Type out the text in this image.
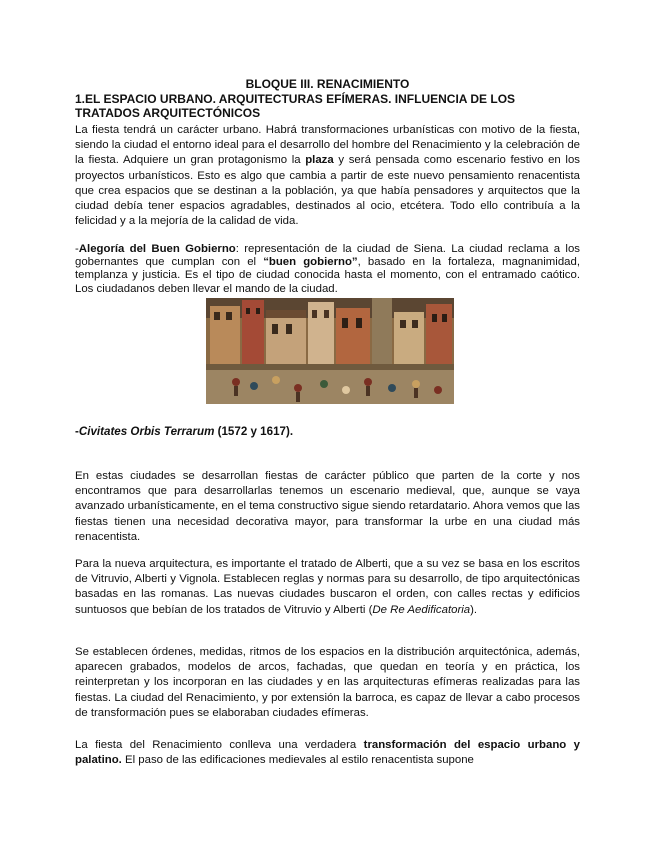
BLOQUE III. RENACIMIENTO
1.EL ESPACIO URBANO. ARQUITECTURAS EFÍMERAS. INFLUENCIA DE LOS TRATADOS ARQUITECTÓNICOS

La fiesta tendrá un carácter urbano. Habrá transformaciones urbanísticas con motivo de la fiesta, siendo la ciudad el entorno ideal para el desarrollo del hombre del Renacimiento y la celebración de la fiesta. Adquiere un gran protagonismo la plaza y será pensada como escenario festivo en los proyectos urbanísticos. Esto es algo que cambia a partir de este nuevo pensamiento renacentista que crea espacios que se destinan a la población, ya que había pensadores y arquitectos que la ciudad debía tener espacios agradables, destinados al ocio, etcétera. Todo ello contribuía a la felicidad y a la mejoría de la calidad de vida.

-Alegoría del Buen Gobierno: representación de la ciudad de Siena. La ciudad reclama a los gobernantes que cumplan con el “buen gobierno”, basado en la fortaleza, magnanimidad, templanza y justicia. Es el tipo de ciudad conocida hasta el momento, con el entramado caótico. Los ciudadanos deben llevar el mando de la ciudad.

-Civitates Orbis Terrarum (1572 y 1617).

En estas ciudades se desarrollan fiestas de carácter público que parten de la corte y nos encontramos que para desarrollarlas tenemos un escenario medieval, que, aunque se vaya avanzado urbanísticamente, en el tema constructivo sigue siendo retardatario. Ahora vemos que las fiestas tienen una necesidad decorativa mayor, para transformar la urbe en una ciudad más renacentista.

Para la nueva arquitectura, es importante el tratado de Alberti, que a su vez se basa en los escritos de Vitruvio, Alberti y Vignola. Establecen reglas y normas para su desarrollo, de tipo arquitectónicas basadas en las romanas. Las nuevas ciudades buscaron el orden, con calles rectas y edificios suntuosos que bebían de los tratados de Vitruvio y Alberti (De Re Aedificatoria).

Se establecen órdenes, medidas, ritmos de los espacios en la distribución arquitectónica, además, aparecen grabados, modelos de arcos, fachadas, que quedan en teoría y en práctica, los reinterpretan y los incorporan en las ciudades y en las arquitecturas efímeras realizadas para las fiestas. La ciudad del Renacimiento, y por extensión la barroca, es capaz de llevar a cabo procesos de transformación pues se elaboraban ciudades efímeras.

La fiesta del Renacimiento conlleva una verdadera transformación del espacio urbano y palatino. El paso de las edificaciones medievales al estilo renacentista supone
